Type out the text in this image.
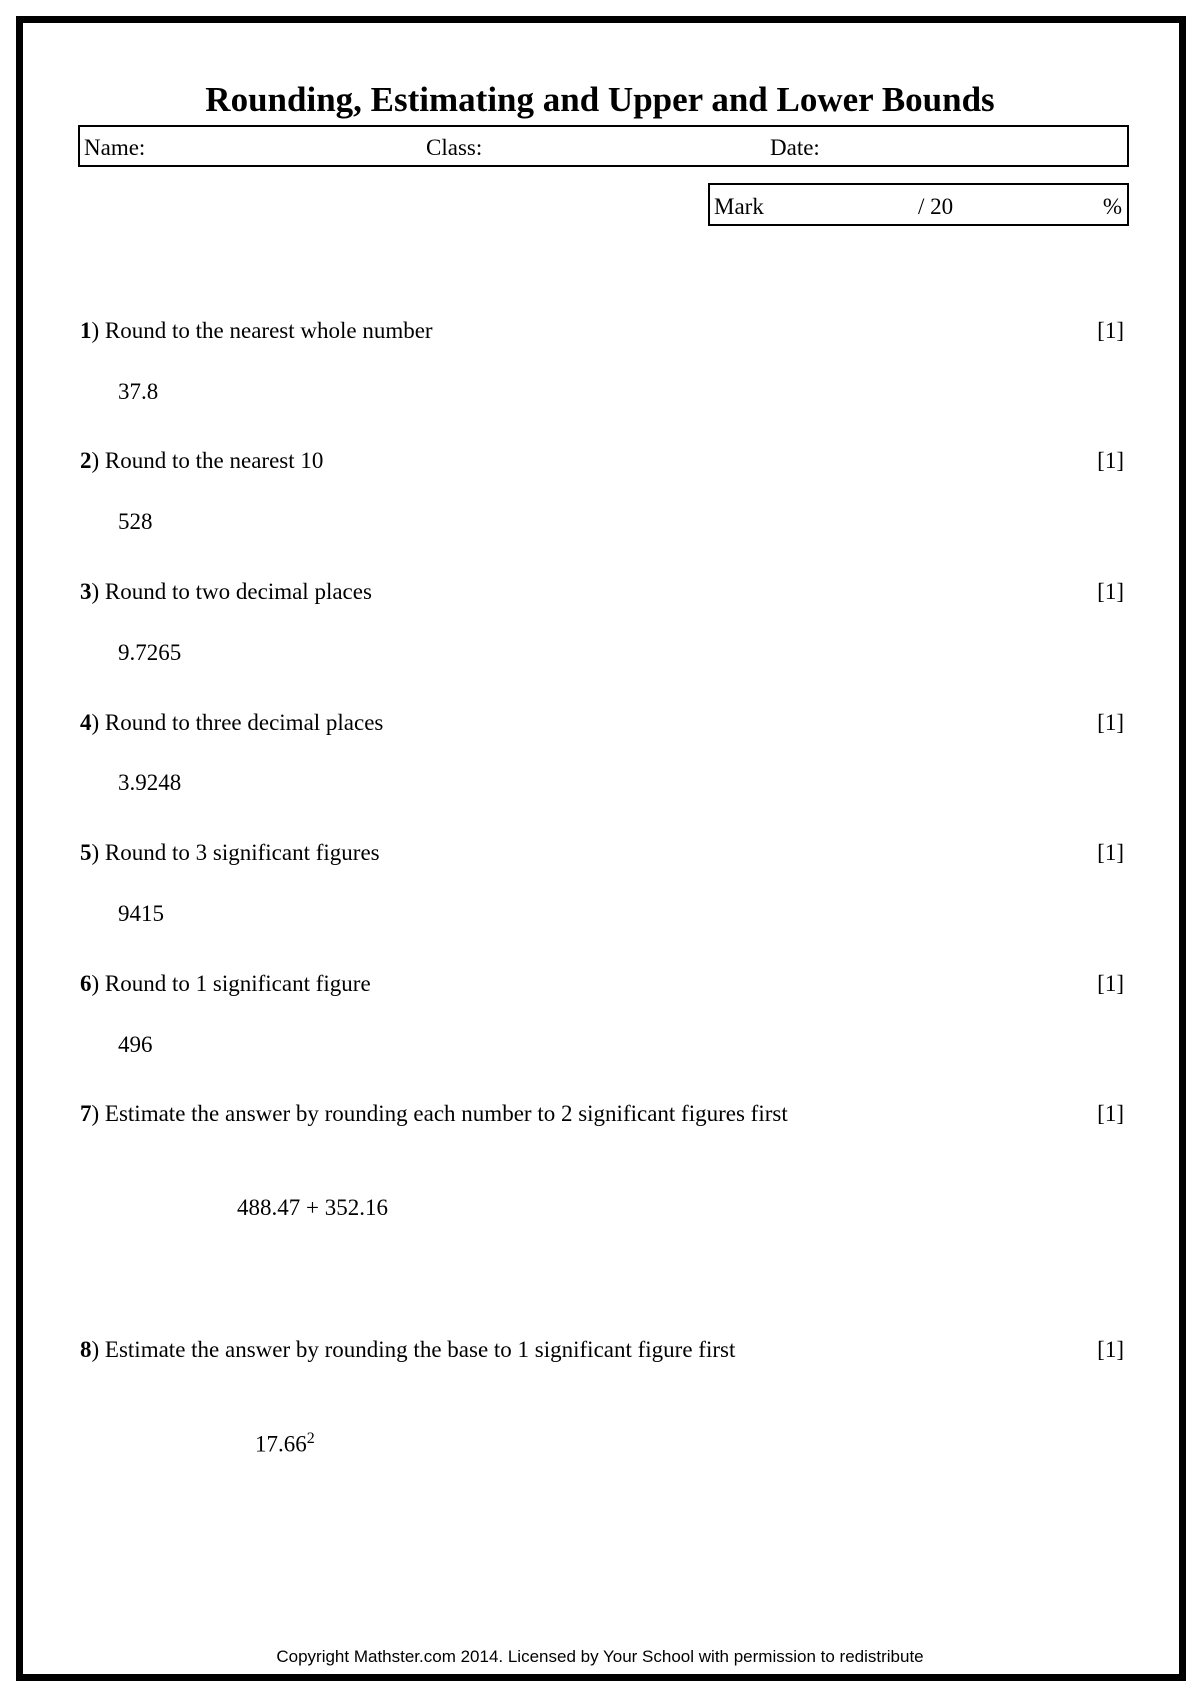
Rounding, Estimating and Upper and Lower Bounds
Name:	Class:	Date:
Mark	/ 20	%
1) Round to the nearest whole number	[1]
37.8
2) Round to the nearest 10	[1]
528
3) Round to two decimal places	[1]
9.7265
4) Round to three decimal places	[1]
3.9248
5) Round to 3 significant figures	[1]
9415
6) Round to 1 significant figure	[1]
496
7) Estimate the answer by rounding each number to 2 significant figures first	[1]
488.47 + 352.16
8) Estimate the answer by rounding the base to 1 significant figure first	[1]
17.66$^2$
Copyright Mathster.com 2014. Licensed by Your School with permission to redistribute
